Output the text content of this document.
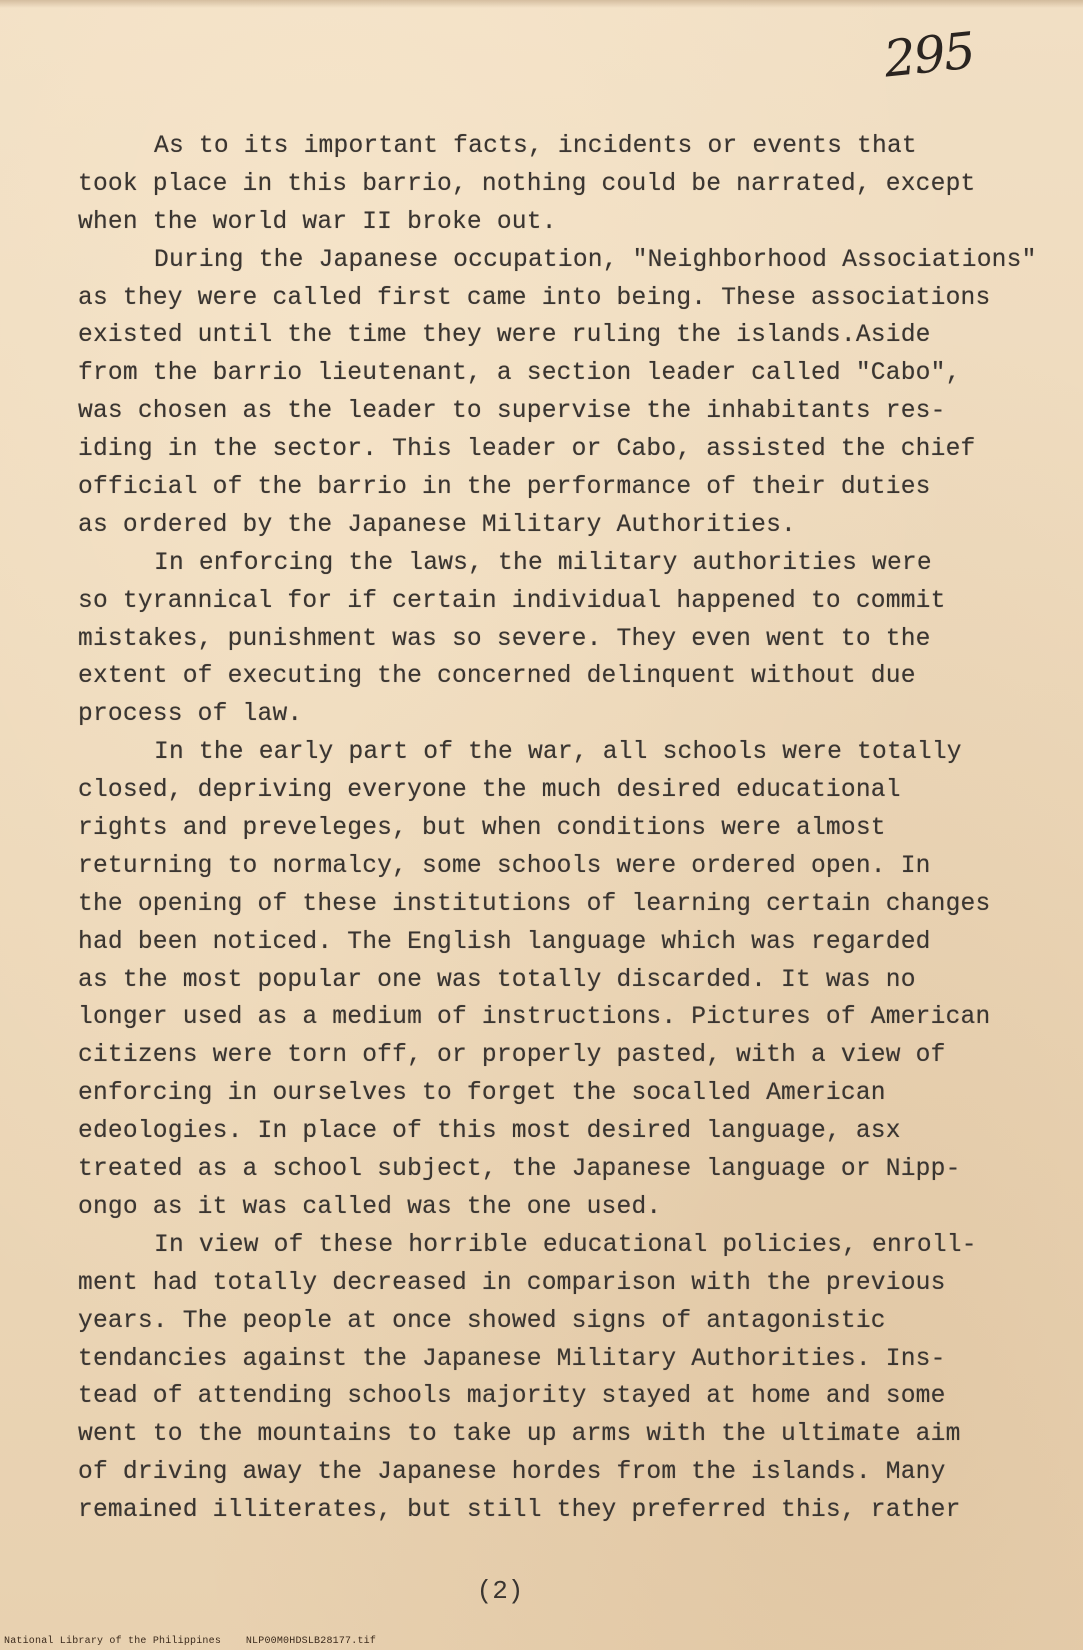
295
As to its important facts, incidents or events that
took place in this barrio, nothing could be narrated, except
when the world war II broke out.
During the Japanese occupation, "Neighborhood Associations"
as they were called first came into being. These associations
existed until the time they were ruling the islands.Aside
from the barrio lieutenant, a section leader called "Cabo",
was chosen as the leader to supervise the inhabitants res-
iding in the sector. This leader or Cabo, assisted the chief
official of the barrio in the performance of their duties
as ordered by the Japanese Military Authorities.
In enforcing the laws, the military authorities were
so tyrannical for if certain individual happened to commit
mistakes, punishment was so severe. They even went to the
extent of executing the concerned delinquent without due
process of law.
In the early part of the war, all schools were totally
closed, depriving everyone the much desired educational
rights and preveleges, but when conditions were almost
returning to normalcy, some schools were ordered open. In
the opening of these institutions of learning certain changes
had been noticed. The English language which was regarded
as the most popular one was totally discarded. It was no
longer used as a medium of instructions. Pictures of American
citizens were torn off, or properly pasted, with a view of
enforcing in ourselves to forget the socalled American
edeologies. In place of this most desired language, asx
treated as a school subject, the Japanese language or Nipp-
ongo as it was called was the one used.
In view of these horrible educational policies, enroll-
ment had totally decreased in comparison with the previous
years. The people at once showed signs of antagonistic
tendancies against the Japanese Military Authorities. Ins-
tead of attending schools majority stayed at home and some
went to the mountains to take up arms with the ultimate aim
of driving away the Japanese hordes from the islands. Many
remained illiterates, but still they preferred this, rather
(2)
National Library of the Philippines    NLP00M0HDSLB28177.tif
